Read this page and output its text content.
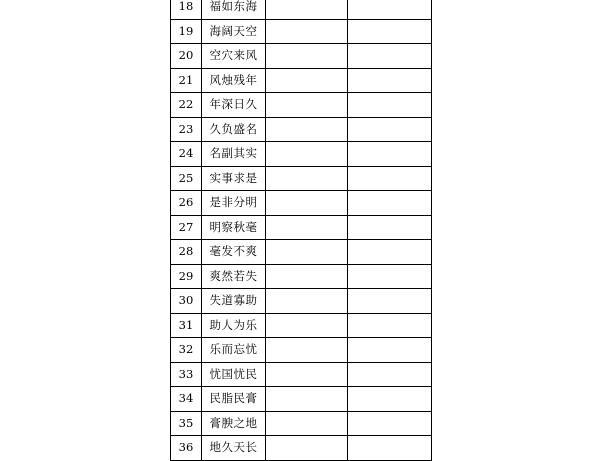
18	福如东海		
19	海阔天空		
20	空穴来风		
21	风烛残年		
22	年深日久		
23	久负盛名		
24	名副其实		
25	实事求是		
26	是非分明		
27	明察秋毫		
28	毫发不爽		
29	爽然若失		
30	失道寡助		
31	助人为乐		
32	乐而忘忧		
33	忧国忧民		
34	民脂民膏		
35	膏腴之地		
36	地久天长		
